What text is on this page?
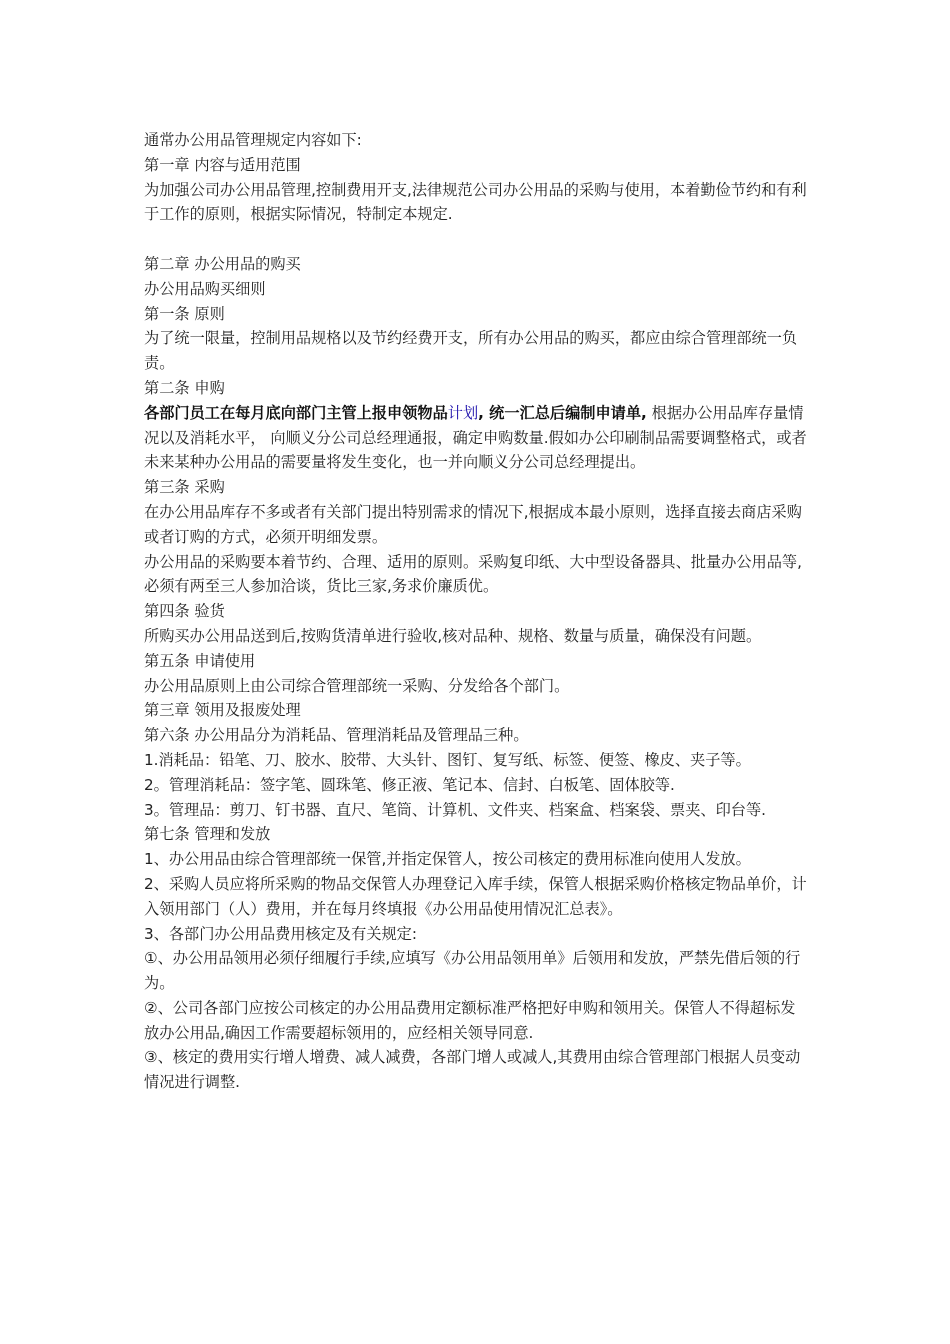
通常办公用品管理规定内容如下:
第一章 内容与适用范围
为加强公司办公用品管理,控制费用开支,法律规范公司办公用品的采购与使用，本着勤俭节约和有利于工作的原则，根据实际情况，特制定本规定.
第二章 办公用品的购买
办公用品购买细则
第一条 原则
为了统一限量，控制用品规格以及节约经费开支，所有办公用品的购买，都应由综合管理部统一负责。
第二条 申购
各部门员工在每月底向部门主管上报申领物品计划, 统一汇总后编制申请单, 根据办公用品库存量情况以及消耗水平， 向顺义分公司总经理通报，确定申购数量.假如办公印刷制品需要调整格式，或者未来某种办公用品的需要量将发生变化，也一并向顺义分公司总经理提出。
第三条 采购
在办公用品库存不多或者有关部门提出特别需求的情况下,根据成本最小原则，选择直接去商店采购或者订购的方式，必须开明细发票。
办公用品的采购要本着节约、合理、适用的原则。采购复印纸、大中型设备器具、批量办公用品等,必须有两至三人参加洽谈，货比三家,务求价廉质优。
第四条 验货
所购买办公用品送到后,按购货清单进行验收,核对品种、规格、数量与质量，确保没有问题。
第五条 申请使用
办公用品原则上由公司综合管理部统一采购、分发给各个部门。
第三章 领用及报废处理
第六条 办公用品分为消耗品、管理消耗品及管理品三种。
1.消耗品：铅笔、刀、胶水、胶带、大头针、图钉、复写纸、标签、便签、橡皮、夹子等。
2。管理消耗品：签字笔、圆珠笔、修正液、笔记本、信封、白板笔、固体胶等.
3。管理品：剪刀、钉书器、直尺、笔筒、计算机、文件夹、档案盒、档案袋、票夹、印台等.
第七条 管理和发放
1、办公用品由综合管理部统一保管,并指定保管人，按公司核定的费用标准向使用人发放。
2、采购人员应将所采购的物品交保管人办理登记入库手续，保管人根据采购价格核定物品单价，计入领用部门（人）费用，并在每月终填报《办公用品使用情况汇总表》。
3、各部门办公用品费用核定及有关规定:
①、办公用品领用必须仔细履行手续,应填写《办公用品领用单》后领用和发放，严禁先借后领的行为。
②、公司各部门应按公司核定的办公用品费用定额标准严格把好申购和领用关。保管人不得超标发放办公用品,确因工作需要超标领用的，应经相关领导同意.
③、核定的费用实行增人增费、减人减费，各部门增人或减人,其费用由综合管理部门根据人员变动情况进行调整.
